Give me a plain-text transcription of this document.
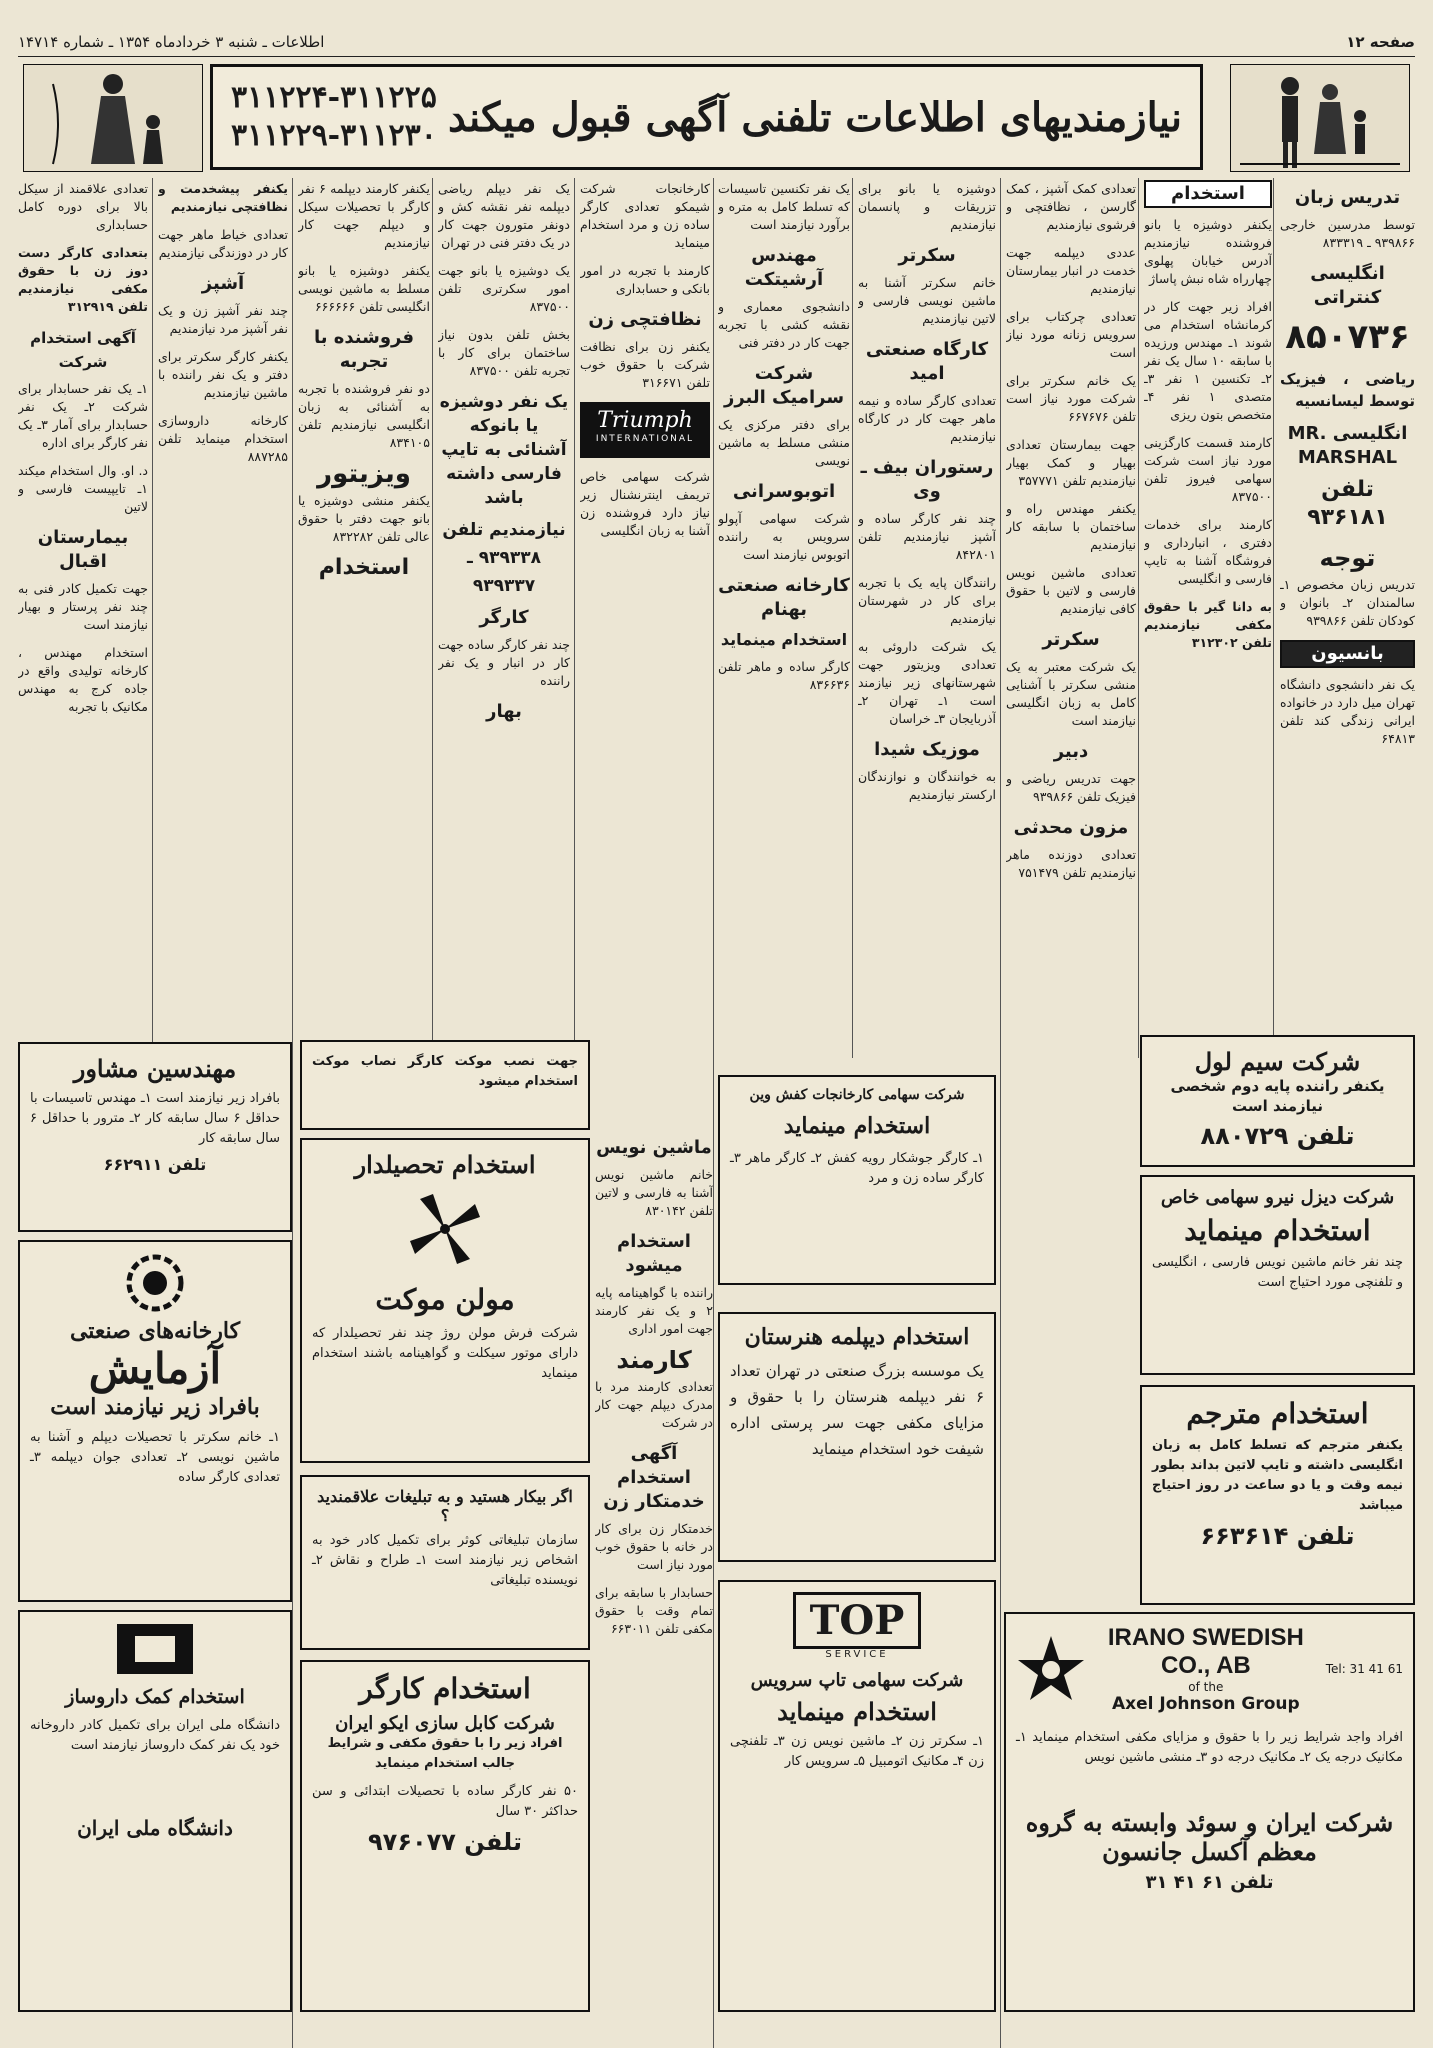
صفحه ۱۲
اطلاعات ـ شنبه ۳ خردادماه ۱۳۵۴ ـ شماره ۱۴۷۱۴
نیازمندیهای اطلاعات تلفنی آگهی قبول میکند
۳۱۱۲۲۴-۳۱۱۲۲۵
۳۱۱۲۲۹-۳۱۱۲۳۰
تدریس زبان

توسط مدرسین خارجی ۹۳۹۸۶۶ ـ ۸۳۳۳۱۹

انگلیسی کنتراتی
۸۵۰۷۳۶

ریاضی ، فیزیک توسط لیسانسیه

انگلیسی MR. MARSHAL
تلفن ۹۳۶۱۸۱
توجه

تدریس زبان مخصوص ۱ـ سالمندان ۲ـ بانوان و کودکان تلفن ۹۳۹۸۶۶

بانسیون

یک نفر دانشجوی دانشگاه تهران میل دارد در خانواده ایرانی زندگی کند تلفن ۶۴۸۱۳

استخدام

یکنفر دوشیزه یا بانو فروشنده نیازمندیم آدرس خیابان پهلوی چهارراه شاه نبش پاساژ

افراد زیر جهت کار در کرمانشاه استخدام می شوند ۱ـ مهندس ورزیده با سابقه ۱۰ سال یک نفر ۲ـ تکنسین ۱ نفر ۳ـ متصدی ۱ نفر ۴ـ متخصص بتون ریزی

کارمند قسمت کارگزینی مورد نیاز است شرکت سهامی فیروز تلفن ۸۳۷۵۰۰

کارمند برای خدمات دفتری ، انبارداری و فروشگاه آشنا به تایپ فارسی و انگلیسی

به دانا گیر با حقوق مکفی نیازمندیم تلفن ۳۱۲۳۰۲

تعدادی کمک آشپز ، کمک گارسن ، نظافتچی و فرشوی نیازمندیم

عددی دیپلمه جهت خدمت در انبار بیمارستان نیازمندیم

تعدادی چرکتاب برای سرویس زنانه مورد نیاز است

یک خانم سکرتر برای شرکت مورد نیاز است تلفن ۶۶۷۶۷۶

جهت بیمارستان تعدادی بهیار و کمک بهیار نیازمندیم تلفن ۳۵۷۷۷۱

یکنفر مهندس راه و ساختمان با سابقه کار نیازمندیم

تعدادی ماشین نویس فارسی و لاتین با حقوق کافی نیازمندیم

سکرتر

یک شرکت معتبر به یک منشی سکرتر با آشنایی کامل به زبان انگلیسی نیازمند است

دبیر

جهت تدریس ریاضی و فیزیک تلفن ۹۳۹۸۶۶

مزون محدثی

تعدادی دوزنده ماهر نیازمندیم تلفن ۷۵۱۴۷۹

دوشیزه یا بانو برای تزریقات و پانسمان نیازمندیم

سکرتر

خانم سکرتر آشنا به ماشین نویسی فارسی و لاتین نیازمندیم

کارگاه صنعتی امید

تعدادی کارگر ساده و نیمه ماهر جهت کار در کارگاه نیازمندیم

رستوران بیف ـ وی

چند نفر کارگر ساده و آشپز نیازمندیم تلفن ۸۴۲۸۰۱

رانندگان پایه یک با تجربه برای کار در شهرستان نیازمندیم

یک شرکت داروئی به تعدادی ویزیتور جهت شهرستانهای زیر نیازمند است ۱ـ تهران ۲ـ آذربایجان ۳ـ خراسان

موزیک شیدا

به خوانندگان و نوازندگان ارکستر نیازمندیم

یک نفر تکنسین تاسیسات که تسلط کامل به متره و برآورد نیازمند است

مهندس آرشیتکت

دانشجوی معماری و نقشه کشی با تجربه جهت کار در دفتر فنی

شرکت سرامیک البرز

برای دفتر مرکزی یک منشی مسلط به ماشین نویسی

اتوبوسرانی

شرکت سهامی آپولو سرویس به راننده اتوبوس نیازمند است

کارخانه صنعتی بهنام
استخدام مینماید

کارگر ساده و ماهر تلفن ۸۳۶۶۳۶

کارخانجات شرکت شیمکو تعدادی کارگر ساده زن و مرد استخدام مینماید

کارمند با تجربه در امور بانکی و حسابداری

نظافتچی زن

یکنفر زن برای نظافت شرکت با حقوق خوب تلفن ۳۱۶۶۷۱

Triumph
INTERNATIONAL

شرکت سهامی خاص تریمف اینترنشنال زیر نیاز دارد فروشنده زن آشنا به زبان انگلیسی

یک نفر دیپلم ریاضی دیپلمه نفر نقشه کش و دونفر متورون جهت کار در یک دفتر فنی در تهران

یک دوشیزه یا بانو جهت امور سکرتری تلفن ۸۳۷۵۰۰

بخش تلفن بدون نیاز ساختمان برای کار با تجربه تلفن ۸۳۷۵۰۰

یک نفر دوشیزه یا بانوکه آشنائی به تایپ فارسی داشته باشد
نیازمندیم تلفن ۹۳۹۳۳۸ ـ ۹۳۹۳۳۷
کارگر

چند نفر کارگر ساده جهت کار در انبار و یک نفر راننده

بهار

یکنفر کارمند دیپلمه ۶ نفر کارگر با تحصیلات سیکل و دیپلم جهت کار نیازمندیم

یکنفر دوشیزه یا بانو مسلط به ماشین نویسی انگلیسی تلفن ۶۶۶۶۶۶

فروشنده با تجربه

دو نفر فروشنده با تجربه به آشنائی به زبان انگلیسی نیازمندیم تلفن ۸۳۴۱۰۵

ویزیتور

یکنفر منشی دوشیزه یا بانو جهت دفتر با حقوق عالی تلفن ۸۳۲۲۸۲

استخدام

یکنفر پیشخدمت و نظافتچی نیازمندیم

تعدادی خیاط ماهر جهت کار در دوزندگی نیازمندیم

آشپز

چند نفر آشپز زن و یک نفر آشپز مرد نیازمندیم

یکنفر کارگر سکرتر برای دفتر و یک نفر راننده با ماشین نیازمندیم

کارخانه داروسازی استخدام مینماید تلفن ۸۸۷۲۸۵

تعدادی علاقمند از سیکل بالا برای دوره کامل حسابداری

بتعدادی کارگر دست دوز زن با حقوق مکفی نیازمندیم تلفن ۳۱۲۹۱۹

آگهی استخدام شرکت

۱ـ یک نفر حسابدار برای شرکت ۲ـ یک نفر حسابدار برای آمار ۳ـ یک نفر کارگر برای اداره

د. او. وال استخدام میکند ۱ـ تایپیست فارسی و لاتین

بیمارستان اقبال

جهت تکمیل کادر فنی به چند نفر پرستار و بهیار نیازمند است

استخدام مهندس ، کارخانه تولیدی واقع در جاده کرج به مهندس مکانیک با تجربه

شرکت سیم لول
یکنفر راننده پایه دوم شخصی نیازمند است
تلفن ۸۸۰۷۲۹
شرکت دیزل نیرو سهامی خاص
استخدام مینماید
چند نفر خانم ماشین نویس فارسی ، انگلیسی و تلفنچی مورد احتیاج است
استخدام مترجم
یکنفر مترجم که تسلط کامل به زبان انگلیسی داشته و تایپ لاتین بداند بطور نیمه وقت و یا دو ساعت در روز احتیاج میباشد
تلفن ۶۶۳۶۱۴
IRANO SWEDISH CO., AB
of the
Axel Johnson Group
Tel: 31 41 61
افراد واجد شرایط زیر را با حقوق و مزایای مکفی استخدام مینماید ۱ـ مکانیک درجه یک ۲ـ مکانیک درجه دو ۳ـ منشی ماشین نویس
شرکت ایران و سوئد وابسته به گروه معظم آکسل جانسون
تلفن ۶۱ ۴۱ ۳۱
شرکت سهامی کارخانجات کفش وین
استخدام مینماید
۱ـ کارگر جوشکار رویه کفش ۲ـ کارگر ماهر ۳ـ کارگر ساده زن و مرد
استخدام دیپلمه هنرستان
یک موسسه بزرگ صنعتی در تهران تعداد ۶ نفر دیپلمه هنرستان را با حقوق و مزایای مکفی جهت سر پرستی اداره شیفت خود استخدام مینماید
TOP
SERVICE
شرکت سهامی تاپ سرویس
استخدام مینماید
۱ـ سکرتر زن ۲ـ ماشین نویس زن ۳ـ تلفنچی زن ۴ـ مکانیک اتومبیل ۵ـ سرویس کار
جهت نصب موکت کارگر نصاب موکت استخدام میشود
استخدام تحصیلدار
مولن موکت
شرکت فرش مولن روژ چند نفر تحصیلدار که دارای موتور سیکلت و گواهینامه باشند استخدام مینماید
اگر بیکار هستید و به تبلیغات علاقمندید ؟
سازمان تبلیغاتی کوثر برای تکمیل کادر خود به اشخاص زیر نیازمند است ۱ـ طراح و نقاش ۲ـ نویسنده تبلیغاتی
استخدام کارگر
شرکت کابل سازی ایکو ایران
افراد زیر را با حقوق مکفی و شرایط جالب استخدام مینماید
۵۰ نفر کارگر ساده با تحصیلات ابتدائی و سن حداکثر ۳۰ سال
تلفن ۹۷۶۰۷۷
ماشین نویس

خانم ماشین نویس آشنا به فارسی و لاتین تلفن ۸۳۰۱۴۲

استخدام میشود

راننده با گواهینامه پایه ۲ و یک نفر کارمند جهت امور اداری

کارمند

تعدادی کارمند مرد با مدرک دیپلم جهت کار در شرکت

آگهی استخدام خدمتکار زن

خدمتکار زن برای کار در خانه با حقوق خوب مورد نیاز است

حسابدار با سابقه برای تمام وقت با حقوق مکفی تلفن ۶۶۳۰۱۱

مهندسین مشاور
بافراد زیر نیازمند است ۱ـ مهندس تاسیسات با حداقل ۶ سال سابقه کار ۲ـ مترور با حداقل ۶ سال سابقه کار
تلفن ۶۶۲۹۱۱
کارخانه‌های صنعتی
آزمایش
بافراد زیر نیازمند است
۱ـ خانم سکرتر با تحصیلات دیپلم و آشنا به ماشین نویسی ۲ـ تعدادی جوان دیپلمه ۳ـ تعدادی کارگر ساده
استخدام کمک داروساز
دانشگاه ملی ایران برای تکمیل کادر داروخانه خود یک نفر کمک داروساز نیازمند است
دانشگاه ملی ایران
